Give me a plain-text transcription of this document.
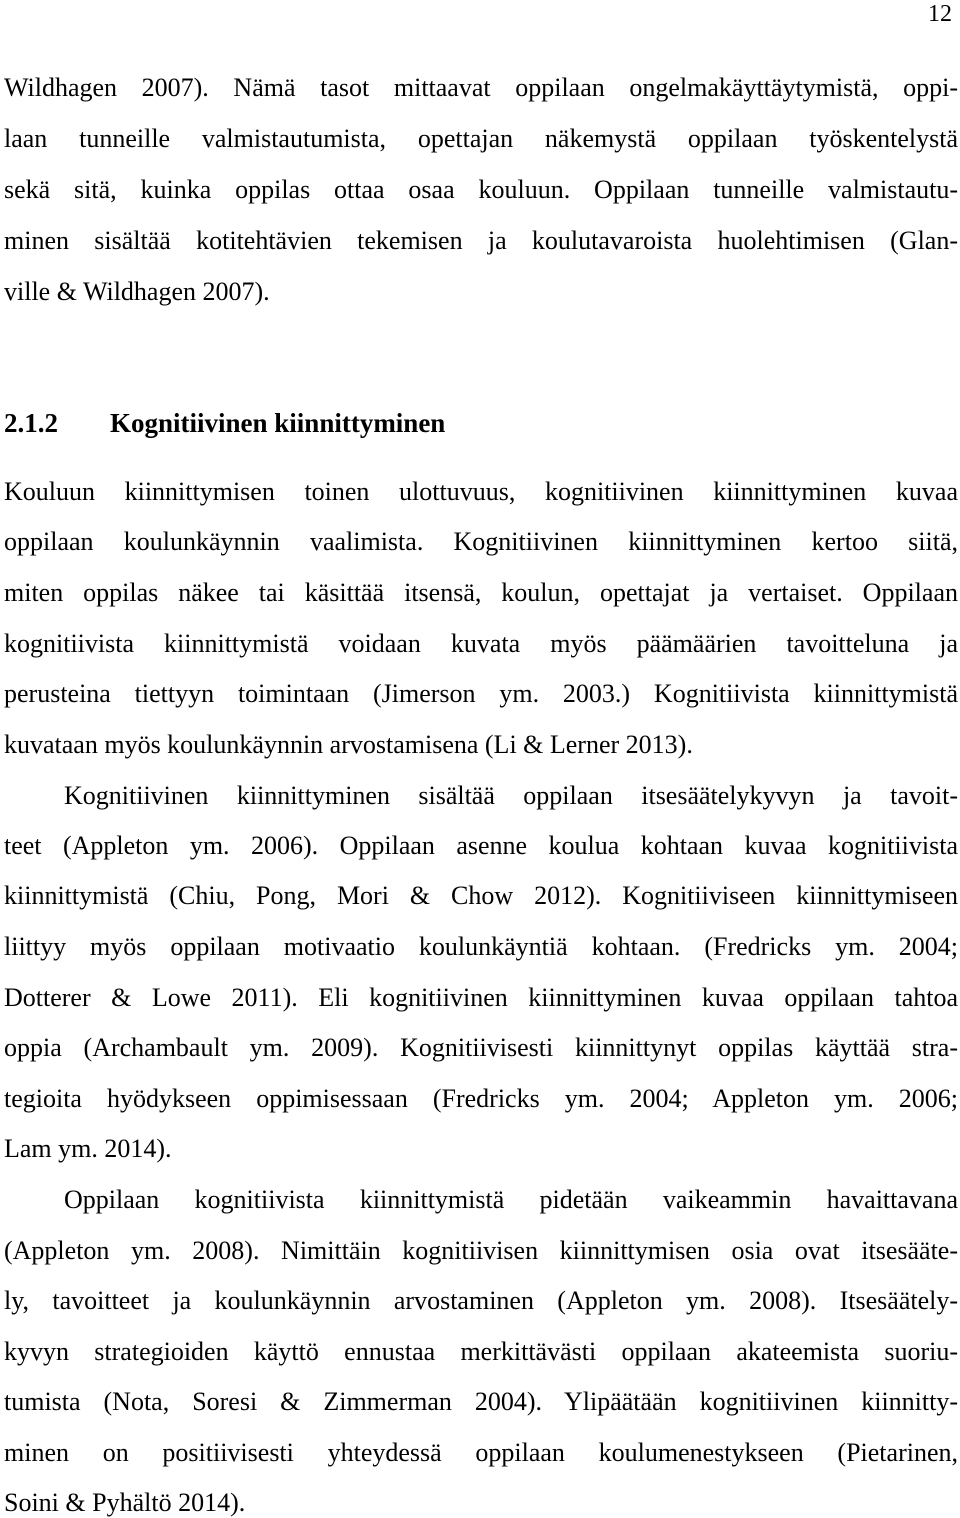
12
Wildhagen 2007). Nämä tasot mittaavat oppilaan ongelmakäyttäytymistä, oppi-
laan tunneille valmistautumista, opettajan näkemystä oppilaan työskentelystä
sekä sitä, kuinka oppilas ottaa osaa kouluun. Oppilaan tunneille valmistautu-
minen sisältää kotitehtävien tekemisen ja koulutavaroista huolehtimisen (Glan-
ville & Wildhagen 2007).
2.1.2 Kognitiivinen kiinnittyminen
Kouluun kiinnittymisen toinen ulottuvuus, kognitiivinen kiinnittyminen kuvaa
oppilaan koulunkäynnin vaalimista. Kognitiivinen kiinnittyminen kertoo siitä,
miten oppilas näkee tai käsittää itsensä, koulun, opettajat ja vertaiset. Oppilaan
kognitiivista kiinnittymistä voidaan kuvata myös päämäärien tavoitteluna ja
perusteina tiettyyn toimintaan (Jimerson ym. 2003.) Kognitiivista kiinnittymistä
kuvataan myös koulunkäynnin arvostamisena (Li & Lerner 2013).
Kognitiivinen kiinnittyminen sisältää oppilaan itsesäätelykyvyn ja tavoit-
teet (Appleton ym. 2006). Oppilaan asenne koulua kohtaan kuvaa kognitiivista
kiinnittymistä (Chiu, Pong, Mori & Chow 2012). Kognitiiviseen kiinnittymiseen
liittyy myös oppilaan motivaatio koulunkäyntiä kohtaan. (Fredricks ym. 2004;
Dotterer & Lowe 2011). Eli kognitiivinen kiinnittyminen kuvaa oppilaan tahtoa
oppia (Archambault ym. 2009). Kognitiivisesti kiinnittynyt oppilas käyttää stra-
tegioita hyödykseen oppimisessaan (Fredricks ym. 2004; Appleton ym. 2006;
Lam ym. 2014).
Oppilaan kognitiivista kiinnittymistä pidetään vaikeammin havaittavana
(Appleton ym. 2008). Nimittäin kognitiivisen kiinnittymisen osia ovat itsesääte-
ly, tavoitteet ja koulunkäynnin arvostaminen (Appleton ym. 2008). Itsesäätely-
kyvyn strategioiden käyttö ennustaa merkittävästi oppilaan akateemista suoriu-
tumista (Nota, Soresi & Zimmerman 2004). Ylipäätään kognitiivinen kiinnitty-
minen on positiivisesti yhteydessä oppilaan koulumenestykseen (Pietarinen,
Soini & Pyhältö 2014).
